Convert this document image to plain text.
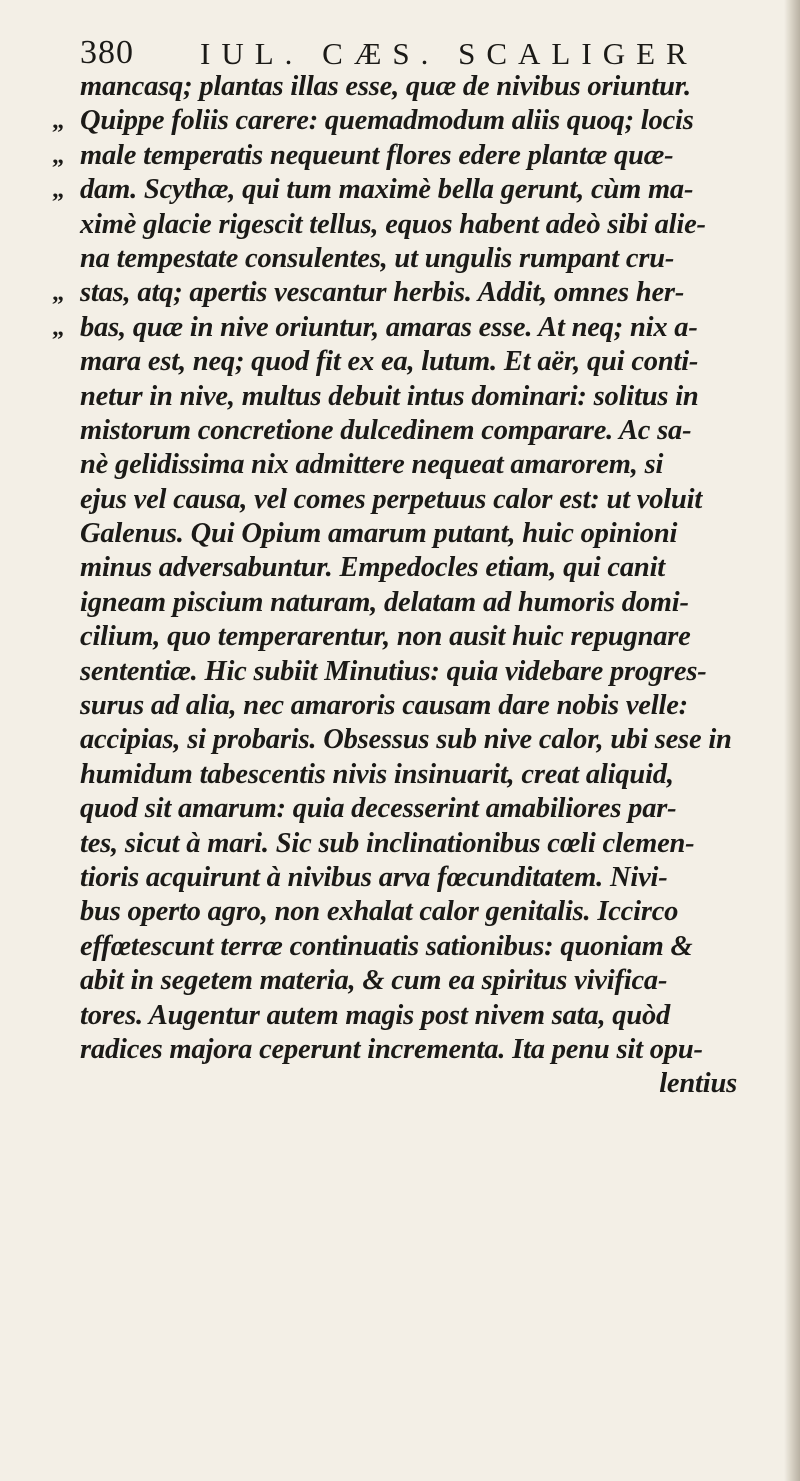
380 IUL. CÆS. SCALIGER
mancasq; plantas illas esse, quæ de nivibus oriuntur.
„ Quippe foliis carere: quemadmodum aliis quoq; locis
„ male temperatis nequeunt flores edere plantæ quæ-
„ dam. Scythæ, qui tum maximè bella gerunt, cùm ma-
ximè glacie rigescit tellus, equos habent adeò sibi alie-
na tempestate consulentes, ut ungulis rumpant cru-
„ stas, atq; apertis vescantur herbis. Addit, omnes her-
„ bas, quæ in nive oriuntur, amaras esse. At neq; nix a-
mara est, neq; quod fit ex ea, lutum. Et aër, qui conti-
netur in nive, multus debuit intus dominari: solitus in
mistorum concretione dulcedinem comparare. Ac sa-
nè gelidissima nix admittere nequeat amarorem, si
ejus vel causa, vel comes perpetuus calor est: ut voluit
Galenus. Qui Opium amarum putant, huic opinioni
minus adversabuntur. Empedocles etiam, qui canit
igneam piscium naturam, delatam ad humoris domi-
cilium, quo temperarentur, non ausit huic repugnare
sententiæ. Hic subiit Minutius: quia videbare progres-
surus ad alia, nec amaroris causam dare nobis velle:
accipias, si probaris. Obsessus sub nive calor, ubi sese in
humidum tabescentis nivis insinuarit, creat aliquid,
quod sit amarum: quia decesserint amabiliores par-
tes, sicut à mari. Sic sub inclinationibus cœli clemen-
tioris acquirunt à nivibus arva fœcunditatem. Nivi-
bus operto agro, non exhalat calor genitalis. Iccirco
effœtescunt terræ continuatis sationibus: quoniam &
abit in segetem materia, & cum ea spiritus vivifica-
tores. Augentur autem magis post nivem sata, quòd
radices majora ceperunt incrementa. Ita penu sit opu-
lentius
